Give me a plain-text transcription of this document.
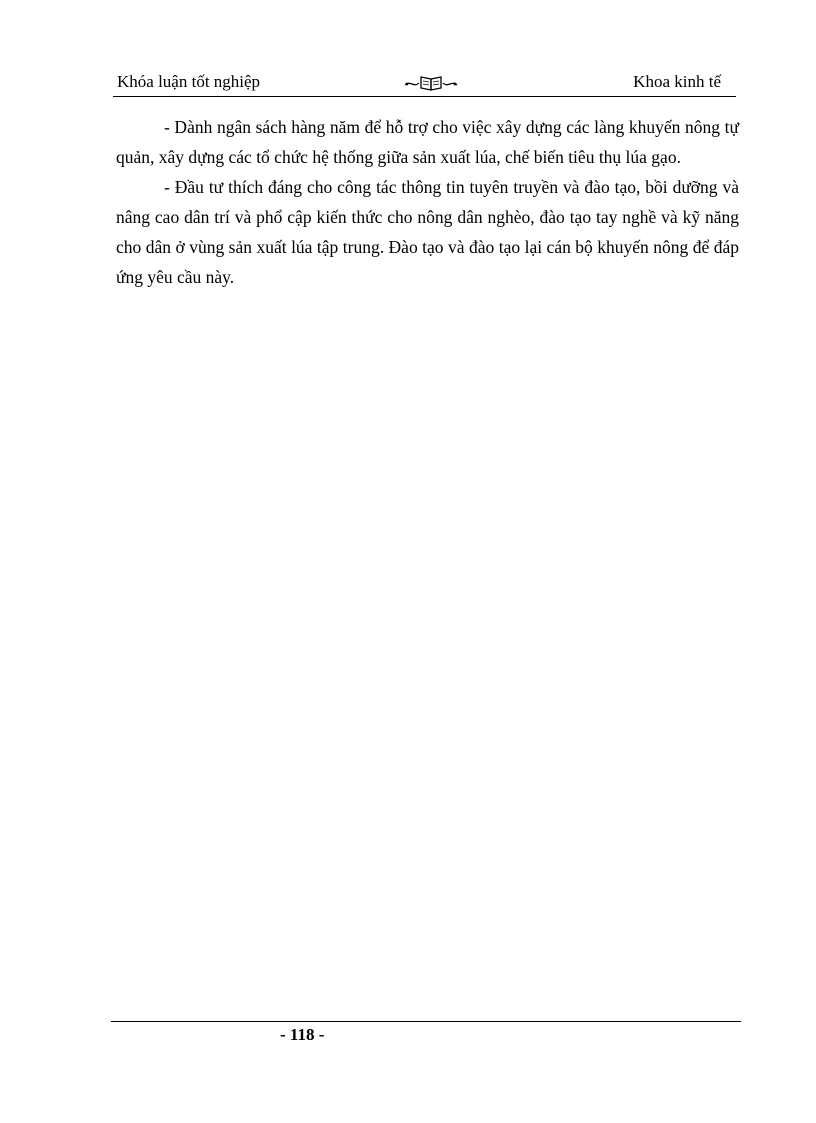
Khóa luận tốt nghiệp	Khoa kinh tế

- Dành ngân sách hàng năm để hỗ trợ cho việc xây dựng các làng khuyến nông tự quản, xây dựng các tổ chức hệ thống giữa sản xuất lúa, chế biến tiêu thụ lúa gạo.

- Đầu tư thích đáng cho công tác thông tin tuyên truyền và đào tạo, bồi dưỡng và nâng cao dân trí và phổ cập kiến thức cho nông dân nghèo, đào tạo tay nghề và kỹ năng cho dân ở vùng sản xuất lúa tập trung. Đào tạo và đào tạo lại cán bộ khuyến nông để đáp ứng yêu cầu này.

- 118 -
